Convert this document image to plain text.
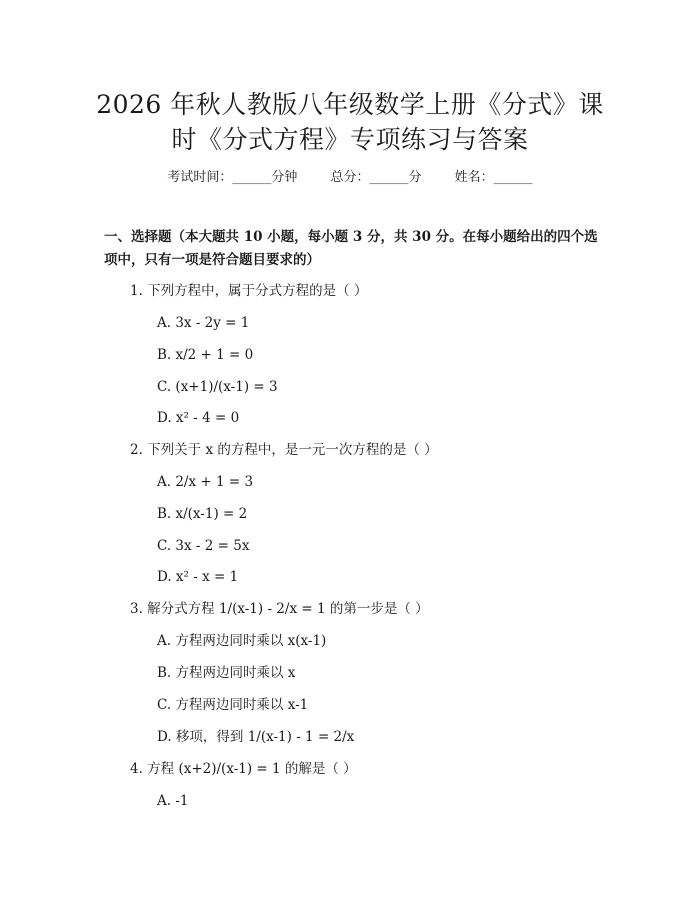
2026 年秋人教版八年级数学上册《分式》课
时《分式方程》专项练习与答案
考试时间：______分钟	总分：______分	姓名：______
一、选择题（本大题共 10 小题，每小题 3 分，共 30 分。在每小题给出的四个选项中，只有一项是符合题目要求的）
1. 下列方程中，属于分式方程的是（ ）
A. 3x - 2y = 1
B. x/2 + 1 = 0
C. (x+1)/(x-1) = 3
D. x² - 4 = 0
2. 下列关于 x 的方程中，是一元一次方程的是（ ）
A. 2/x + 1 = 3
B. x/(x-1) = 2
C. 3x - 2 = 5x
D. x² - x = 1
3. 解分式方程 1/(x-1) - 2/x = 1 的第一步是（ ）
A. 方程两边同时乘以 x(x-1)
B. 方程两边同时乘以 x
C. 方程两边同时乘以 x-1
D. 移项，得到 1/(x-1) - 1 = 2/x
4. 方程 (x+2)/(x-1) = 1 的解是（ ）
A. -1
